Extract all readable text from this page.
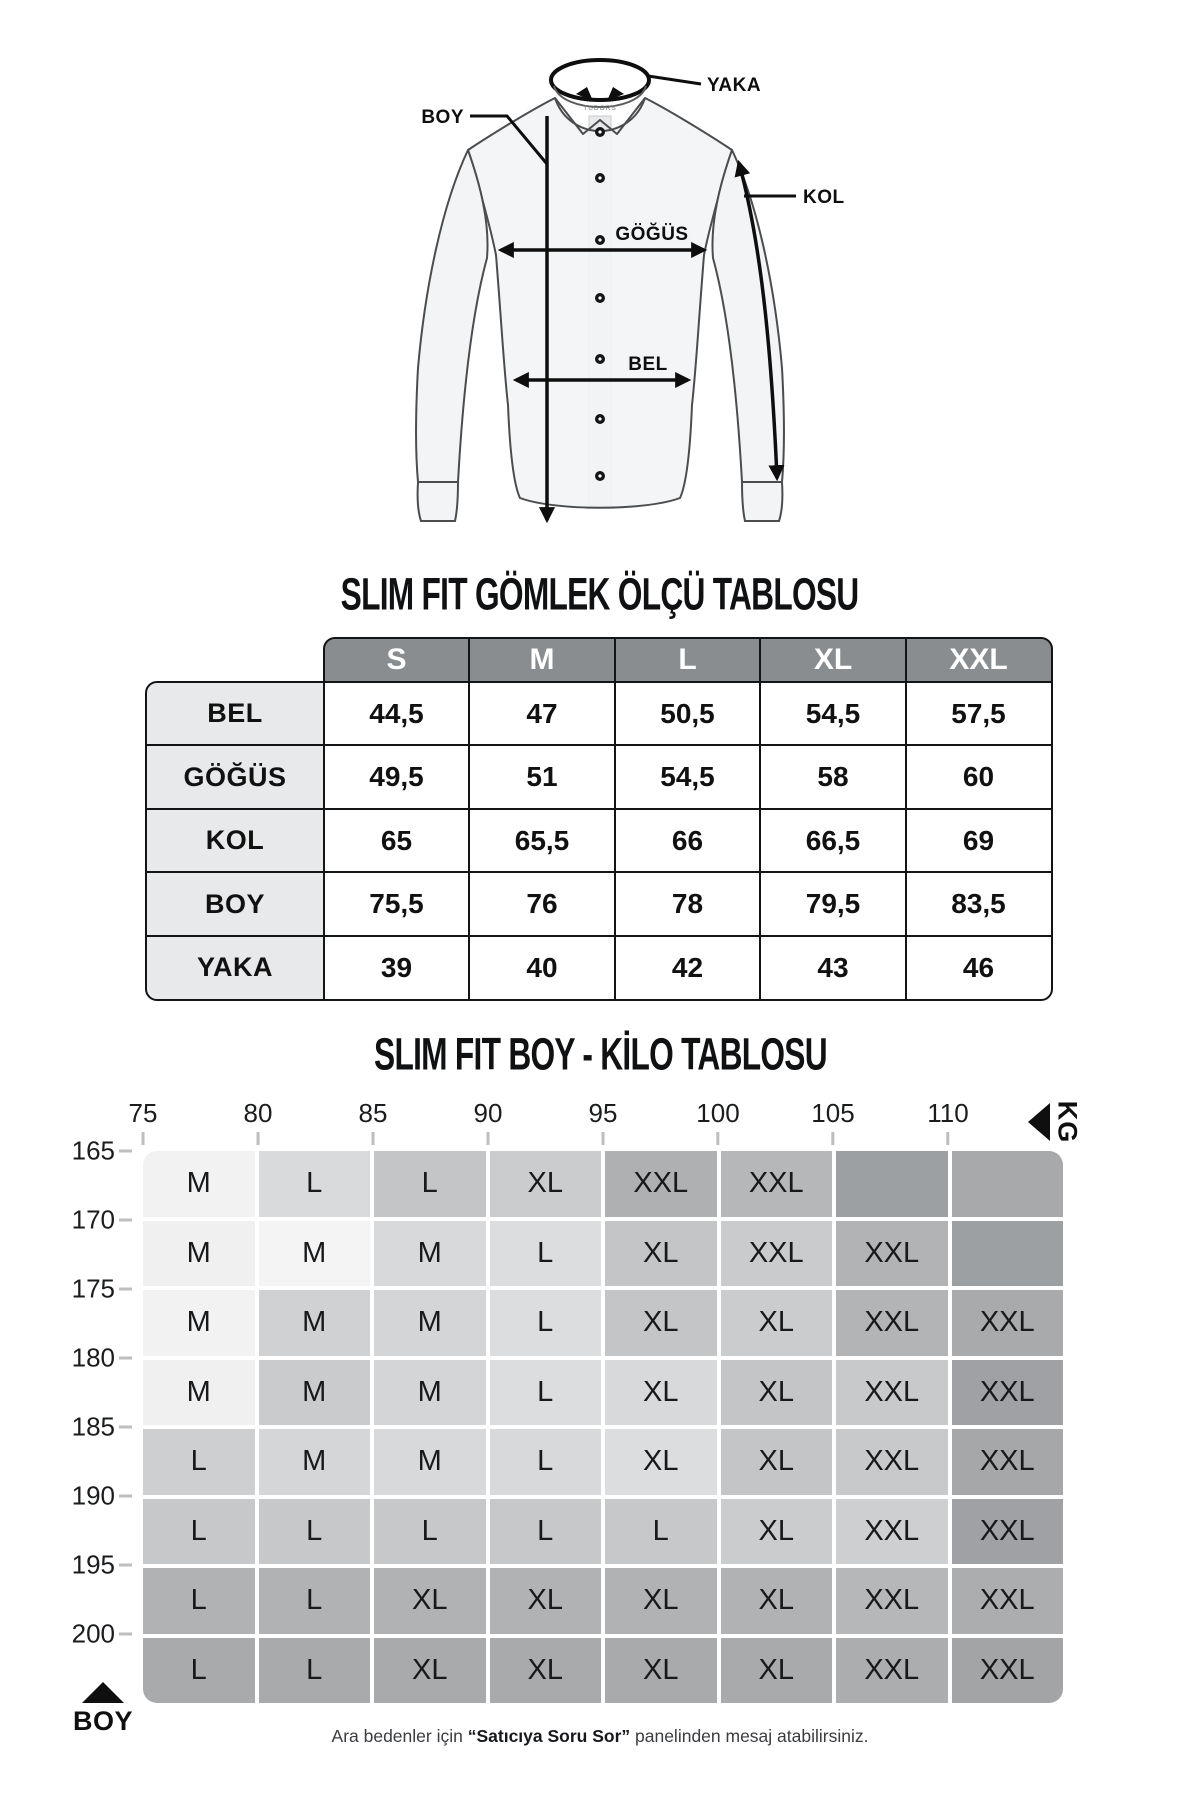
TUDORS
YAKA
BOY
KOL
GÖĞÜS
BEL
SLIM FIT GÖMLEK ÖLÇÜ TABLOSU
S	M	L	XL	XXL
BEL	44,5	47	50,5	54,5	57,5
GÖĞÜS	49,5	51	54,5	58	60
KOL	65	65,5	66	66,5	69
BOY	75,5	76	78	79,5	83,5
YAKA	39	40	42	43	46
SLIM FIT BOY - KİLO TABLOSU
75	80	85	90	95	100	105	110
165
170
175
180
185
190
195
200
KG
M	L	L	XL	XXL	XXL
M	M	M	L	XL	XXL	XXL
M	M	M	L	XL	XL	XXL	XXL
M	M	M	L	XL	XL	XXL	XXL
L	M	M	L	XL	XL	XXL	XXL
L	L	L	L	L	XL	XXL	XXL
L	L	XL	XL	XL	XL	XXL	XXL
L	L	XL	XL	XL	XL	XXL	XXL
BOY	Ara bedenler için “Satıcıya Soru Sor” panelinden mesaj atabilirsiniz.
